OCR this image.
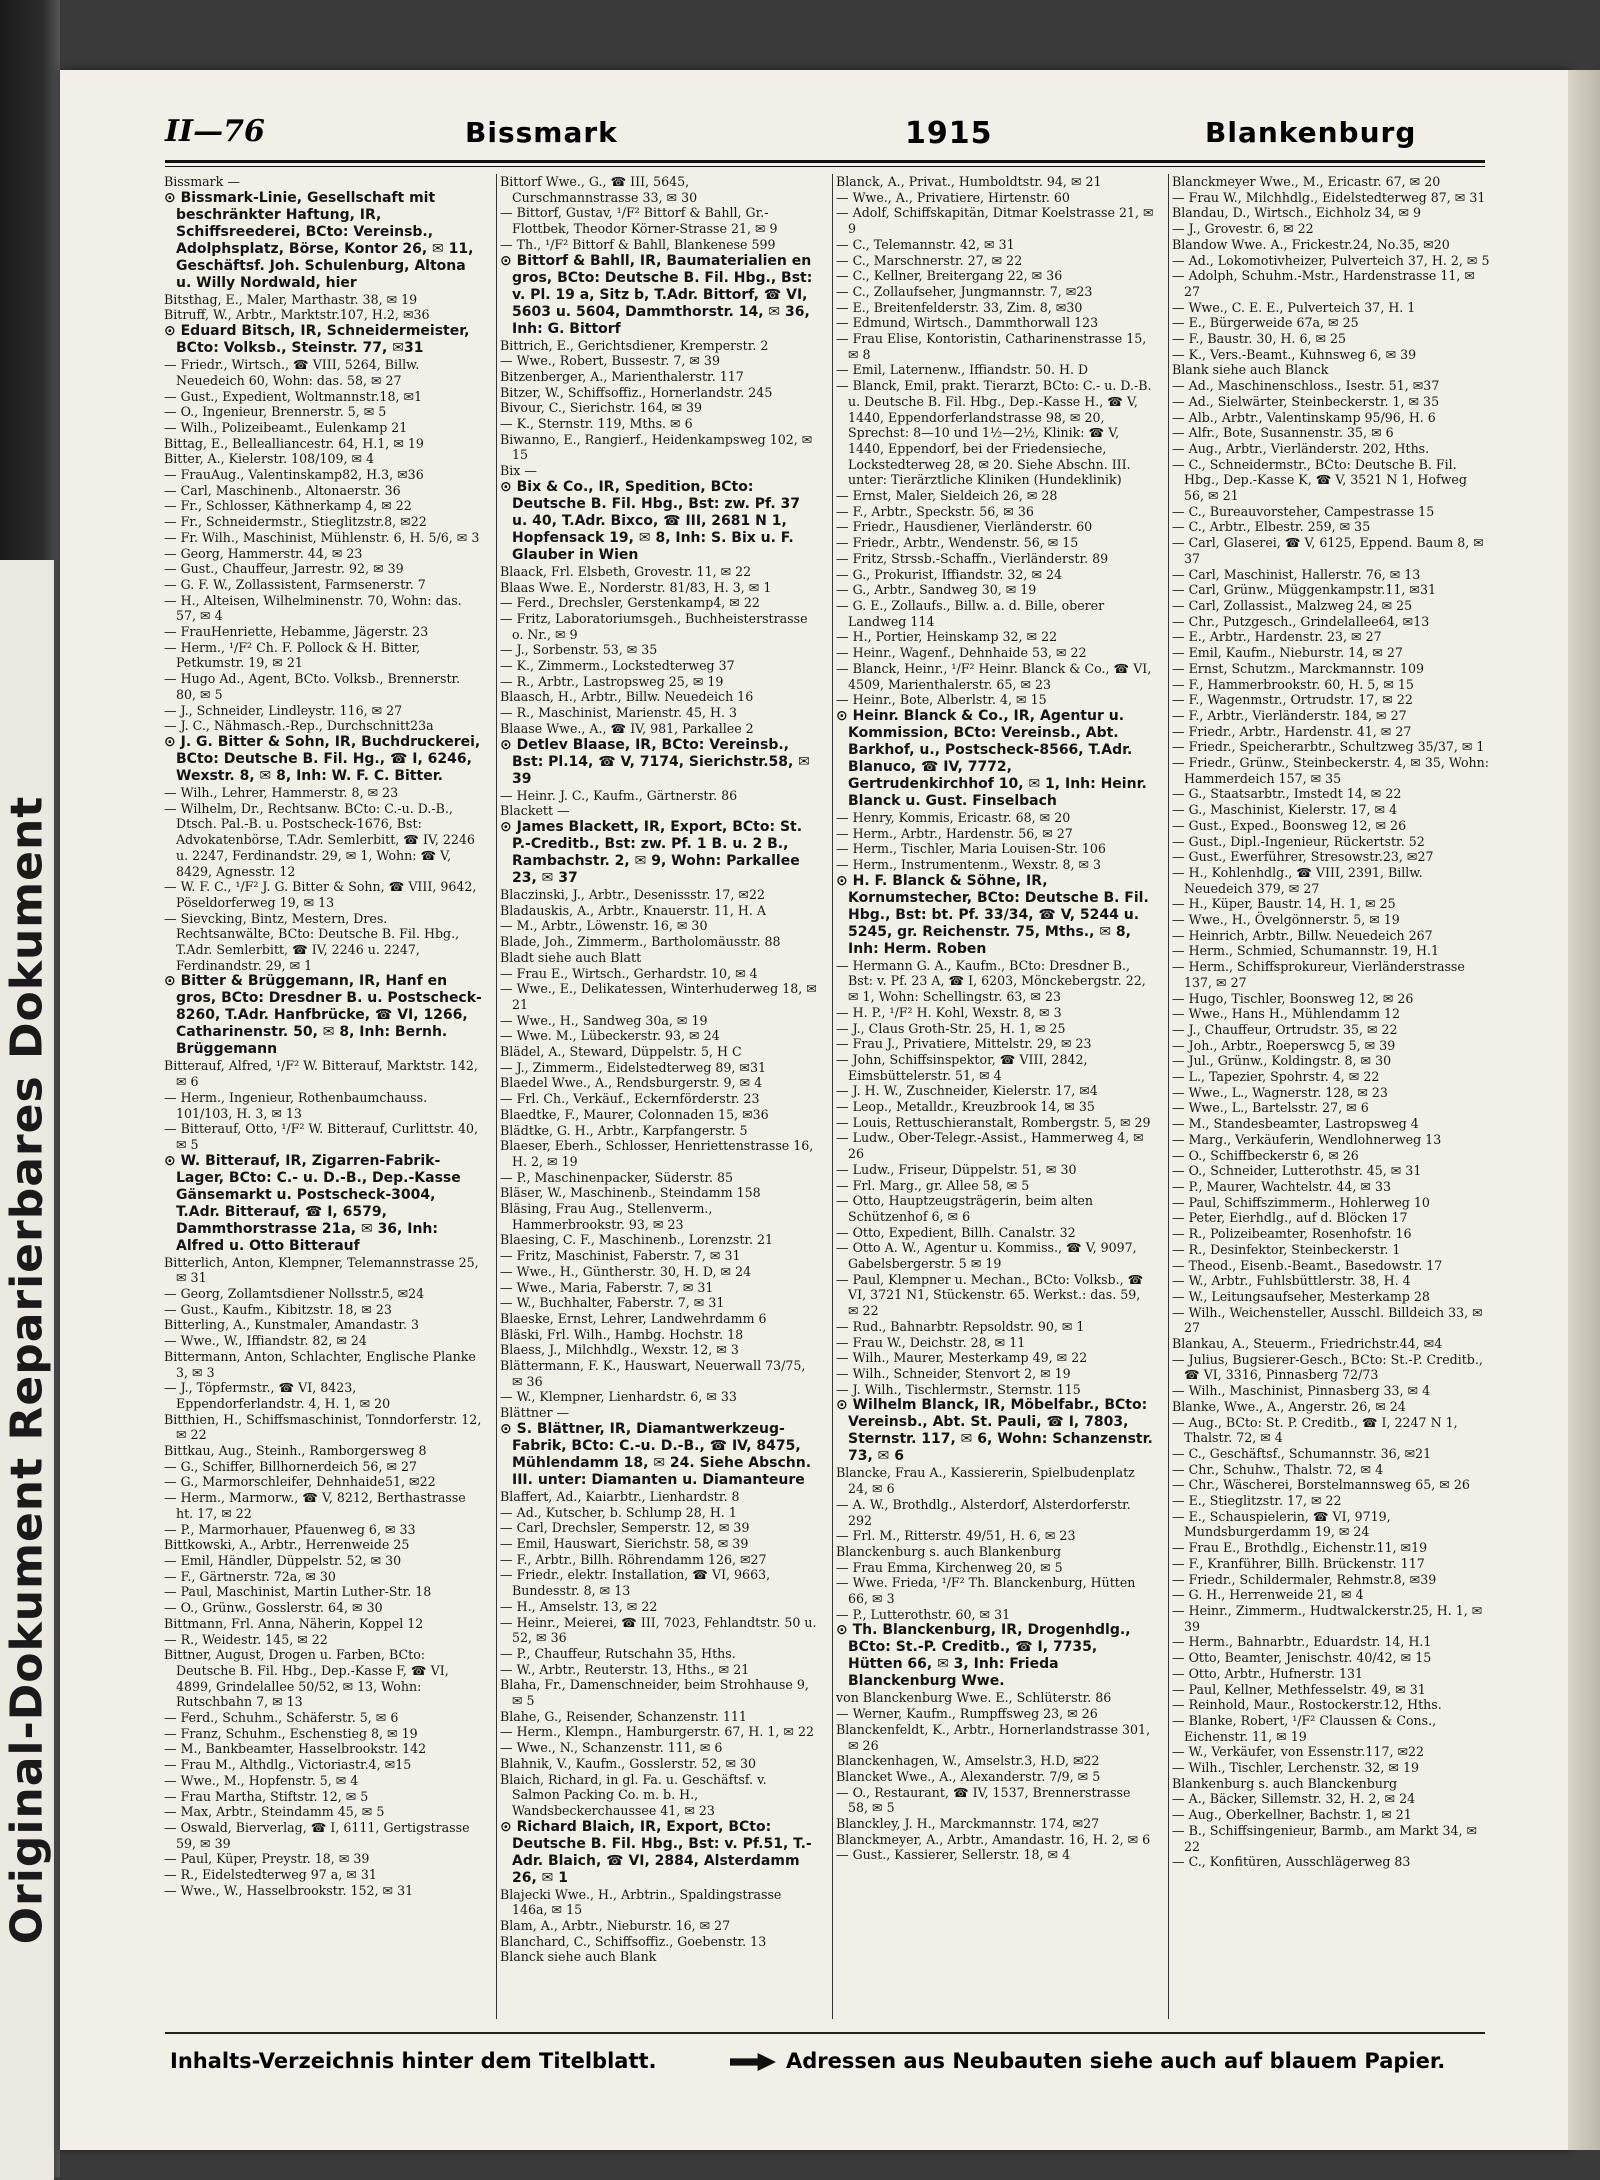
Original-Dokument Reparierbares Dokument
II—76	Bissmark	1915	Blankenburg

Bissmark —

⊙ Bissmark-Linie, Gesellschaft mit beschränkter Haftung, IR, Schiffsreederei, BCto: Vereinsb., Adolphsplatz, Börse, Kontor 26, ✉ 11, Geschäftsf. Joh. Schulenburg, Altona u. Willy Nordwald, hier

Bitsthag, E., Maler, Marthastr. 38, ✉ 19

Bitruff, W., Arbtr., Marktstr.107, H.2, ✉36

⊙ Eduard Bitsch, IR, Schneidermeister, BCto: Volksb., Steinstr. 77, ✉31

— Friedr., Wirtsch., ☎ VIII, 5264, Billw. Neuedeich 60, Wohn: das. 58, ✉ 27

— Gust., Expedient, Woltmannstr.18, ✉1

— O., Ingenieur, Brennerstr. 5, ✉ 5

— Wilh., Polizeibeamt., Eulenkamp 21

Bittag, E., Bellealliancestr. 64, H.1, ✉ 19

Bitter, A., Kielerstr. 108/109, ✉ 4

— FrauAug., Valentinskamp82, H.3, ✉36

— Carl, Maschinenb., Altonaerstr. 36

— Fr., Schlosser, Käthnerkamp 4, ✉ 22

— Fr., Schneidermstr., Stieglitzstr.8, ✉22

— Fr. Wilh., Maschinist, Mühlenstr. 6, H. 5/6, ✉ 3

— Georg, Hammerstr. 44, ✉ 23

— Gust., Chauffeur, Jarrestr. 92, ✉ 39

— G. F. W., Zollassistent, Farmsenerstr. 7

— H., Alteisen, Wilhelminenstr. 70, Wohn: das. 57, ✉ 4

— FrauHenriette, Hebamme, Jägerstr. 23

— Herm., ¹/F² Ch. F. Pollock & H. Bitter, Petkumstr. 19, ✉ 21

— Hugo Ad., Agent, BCto. Volksb., Brennerstr. 80, ✉ 5

— J., Schneider, Lindleystr. 116, ✉ 27

— J. C., Nähmasch.-Rep., Durchschnitt23a

⊙ J. G. Bitter & Sohn, IR, Buchdruckerei, BCto: Deutsche B. Fil. Hg., ☎ I, 6246, Wexstr. 8, ✉ 8, Inh: W. F. C. Bitter.

— Wilh., Lehrer, Hammerstr. 8, ✉ 23

— Wilhelm, Dr., Rechtsanw. BCto: C.-u. D.-B., Dtsch. Pal.-B. u. Postscheck-1676, Bst: Advokatenbörse, T.Adr. Semlerbitt, ☎ IV, 2246 u. 2247, Ferdinandstr. 29, ✉ 1, Wohn: ☎ V, 8429, Agnesstr. 12

— W. F. C., ¹/F² J. G. Bitter & Sohn, ☎ VIII, 9642, Pöseldorferweg 19, ✉ 13

— Sievcking, Bintz, Mestern, Dres. Rechtsanwälte, BCto: Deutsche B. Fil. Hbg., T.Adr. Semlerbitt, ☎ IV, 2246 u. 2247, Ferdinandstr. 29, ✉ 1

⊙ Bitter & Brüggemann, IR, Hanf en gros, BCto: Dresdner B. u. Postscheck-8260, T.Adr. Hanfbrücke, ☎ VI, 1266, Catharinenstr. 50, ✉ 8, Inh: Bernh. Brüggemann

Bitterauf, Alfred, ¹/F² W. Bitterauf, Marktstr. 142, ✉ 6

— Herm., Ingenieur, Rothenbaumchauss. 101/103, H. 3, ✉ 13

— Bitterauf, Otto, ¹/F² W. Bitterauf, Curlittstr. 40, ✉ 5

⊙ W. Bitterauf, IR, Zigarren-Fabrik-Lager, BCto: C.- u. D.-B., Dep.-Kasse Gänsemarkt u. Postscheck-3004, T.Adr. Bitterauf, ☎ I, 6579, Dammthorstrasse 21a, ✉ 36, Inh: Alfred u. Otto Bitterauf

Bitterlich, Anton, Klempner, Telemannstrasse 25, ✉ 31

— Georg, Zollamtsdiener Nollsstr.5, ✉24

— Gust., Kaufm., Kibitzstr. 18, ✉ 23

Bitterling, A., Kunstmaler, Amandastr. 3

— Wwe., W., Iffiandstr. 82, ✉ 24

Bittermann, Anton, Schlachter, Englische Planke 3, ✉ 3

— J., Töpfermstr., ☎ VI, 8423, Eppendorferlandstr. 4, H. 1, ✉ 20

Bitthien, H., Schiffsmaschinist, Tonndorferstr. 12, ✉ 22

Bittkau, Aug., Steinh., Ramborgersweg 8

— G., Schiffer, Billhornerdeich 56, ✉ 27

— G., Marmorschleifer, Dehnhaide51, ✉22

— Herm., Marmorw., ☎ V, 8212, Berthastrasse ht. 17, ✉ 22

— P., Marmorhauer, Pfauenweg 6, ✉ 33

Bittkowski, A., Arbtr., Herrenweide 25

— Emil, Händler, Düppelstr. 52, ✉ 30

— F., Gärtnerstr. 72a, ✉ 30

— Paul, Maschinist, Martin Luther-Str. 18

— O., Grünw., Gosslerstr. 64, ✉ 30

Bittmann, Frl. Anna, Näherin, Koppel 12

— R., Weidestr. 145, ✉ 22

Bittner, August, Drogen u. Farben, BCto: Deutsche B. Fil. Hbg., Dep.-Kasse F, ☎ VI, 4899, Grindelallee 50/52, ✉ 13, Wohn: Rutschbahn 7, ✉ 13

— Ferd., Schuhm., Schäferstr. 5, ✉ 6

— Franz, Schuhm., Eschenstieg 8, ✉ 19

— M., Bankbeamter, Hasselbrookstr. 142

— Frau M., Althdlg., Victoriastr.4, ✉15

— Wwe., M., Hopfenstr. 5, ✉ 4

— Frau Martha, Stiftstr. 12, ✉ 5

— Max, Arbtr., Steindamm 45, ✉ 5

— Oswald, Bierverlag, ☎ I, 6111, Gertigstrasse 59, ✉ 39

— Paul, Küper, Preystr. 18, ✉ 39

— R., Eidelstedterweg 97 a, ✉ 31

— Wwe., W., Hasselbrookstr. 152, ✉ 31

Bittorf Wwe., G., ☎ III, 5645, Curschmannstrasse 33, ✉ 30

— Bittorf, Gustav, ¹/F² Bittorf & Bahll, Gr.-Flottbek, Theodor Körner-Strasse 21, ✉ 9

— Th., ¹/F² Bittorf & Bahll, Blankenese 599

⊙ Bittorf & Bahll, IR, Baumaterialien en gros, BCto: Deutsche B. Fil. Hbg., Bst: v. Pl. 19 a, Sitz b, T.Adr. Bittorf, ☎ VI, 5603 u. 5604, Dammthorstr. 14, ✉ 36, Inh: G. Bittorf

Bittrich, E., Gerichtsdiener, Kremperstr. 2

— Wwe., Robert, Bussestr. 7, ✉ 39

Bitzenberger, A., Marienthalerstr. 117

Bitzer, W., Schiffsoffiz., Hornerlandstr. 245

Bivour, C., Sierichstr. 164, ✉ 39

— K., Sternstr. 119, Mths. ✉ 6

Biwanno, E., Rangierf., Heidenkampsweg 102, ✉ 15

Bix —

⊙ Bix & Co., IR, Spedition, BCto: Deutsche B. Fil. Hbg., Bst: zw. Pf. 37 u. 40, T.Adr. Bixco, ☎ III, 2681 N 1, Hopfensack 19, ✉ 8, Inh: S. Bix u. F. Glauber in Wien

Blaack, Frl. Elsbeth, Grovestr. 11, ✉ 22

Blaas Wwe. E., Norderstr. 81/83, H. 3, ✉ 1

— Ferd., Drechsler, Gerstenkamp4, ✉ 22

— Fritz, Laboratoriumsgeh., Buchheisterstrasse o. Nr., ✉ 9

— J., Sorbenstr. 53, ✉ 35

— K., Zimmerm., Lockstedterweg 37

— R., Arbtr., Lastropsweg 25, ✉ 19

Blaasch, H., Arbtr., Billw. Neuedeich 16

— R., Maschinist, Marienstr. 45, H. 3

Blaase Wwe., A., ☎ IV, 981, Parkallee 2

⊙ Detlev Blaase, IR, BCto: Vereinsb., Bst: Pl.14, ☎ V, 7174, Sierichstr.58, ✉39

— Heinr. J. C., Kaufm., Gärtnerstr. 86

Blackett —

⊙ James Blackett, IR, Export, BCto: St. P.-Creditb., Bst: zw. Pf. 1 B. u. 2 B., Rambachstr. 2, ✉ 9, Wohn: Parkallee 23, ✉ 37

Blaczinski, J., Arbtr., Desenissstr. 17, ✉22

Bladauskis, A., Arbtr., Knauerstr. 11, H. A

— M., Arbtr., Löwenstr. 16, ✉ 30

Blade, Joh., Zimmerm., Bartholomäusstr. 88

Bladt siehe auch Blatt

— Frau E., Wirtsch., Gerhardstr. 10, ✉ 4

— Wwe., E., Delikatessen, Winterhuderweg 18, ✉ 21

— Wwe., H., Sandweg 30a, ✉ 19

— Wwe. M., Lübeckerstr. 93, ✉ 24

Blädel, A., Steward, Düppelstr. 5, H C

— J., Zimmerm., Eidelstedterweg 89, ✉31

Blaedel Wwe., A., Rendsburgerstr. 9, ✉ 4

— Frl. Ch., Verkäuf., Eckernförderstr. 23

Blaedtke, F., Maurer, Colonnaden 15, ✉36

Blädtke, G. H., Arbtr., Karpfangerstr. 5

Blaeser, Eberh., Schlosser, Henriettenstrasse 16, H. 2, ✉ 19

— P., Maschinenpacker, Süderstr. 85

Bläser, W., Maschinenb., Steindamm 158

Bläsing, Frau Aug., Stellenverm., Hammerbrookstr. 93, ✉ 23

Blaesing, C. F., Maschinenb., Lorenzstr. 21

— Fritz, Maschinist, Faberstr. 7, ✉ 31

— Wwe., H., Güntherstr. 30, H. D, ✉ 24

— Wwe., Maria, Faberstr. 7, ✉ 31

— W., Buchhalter, Faberstr. 7, ✉ 31

Blaeske, Ernst, Lehrer, Landwehrdamm 6

Bläski, Frl. Wilh., Hambg. Hochstr. 18

Blaess, J., Milchhdlg., Wexstr. 12, ✉ 3

Blättermann, F. K., Hauswart, Neuerwall 73/75, ✉ 36

— W., Klempner, Lienhardstr. 6, ✉ 33

Blättner —

⊙ S. Blättner, IR, Diamantwerkzeug-Fabrik, BCto: C.-u. D.-B., ☎ IV, 8475, Mühlendamm 18, ✉ 24. Siehe Abschn. III. unter: Diamanten u. Diamanteure

Blaffert, Ad., Kaiarbtr., Lienhardstr. 8

— Ad., Kutscher, b. Schlump 28, H. 1

— Carl, Drechsler, Semperstr. 12, ✉ 39

— Emil, Hauswart, Sierichstr. 58, ✉ 39

— F., Arbtr., Billh. Röhrendamm 126, ✉27

— Friedr., elektr. Installation, ☎ VI, 9663, Bundesstr. 8, ✉ 13

— H., Amselstr. 13, ✉ 22

— Heinr., Meierei, ☎ III, 7023, Fehlandtstr. 50 u. 52, ✉ 36

— P., Chauffeur, Rutschahn 35, Hths.

— W., Arbtr., Reuterstr. 13, Hths., ✉ 21

Blaha, Fr., Damenschneider, beim Strohhause 9, ✉ 5

Blahe, G., Reisender, Schanzenstr. 111

— Herm., Klempn., Hamburgerstr. 67, H. 1, ✉ 22

— Wwe., N., Schanzenstr. 111, ✉ 6

Blahnik, V., Kaufm., Gosslerstr. 52, ✉ 30

Blaich, Richard, in gl. Fa. u. Geschäftsf. v. Salmon Packing Co. m. b. H., Wandsbeckerchaussee 41, ✉ 23

⊙ Richard Blaich, IR, Export, BCto: Deutsche B. Fil. Hbg., Bst: v. Pf.51, T.-Adr. Blaich, ☎ VI, 2884, Alsterdamm 26, ✉ 1

Blajecki Wwe., H., Arbtrin., Spaldingstrasse 146a, ✉ 15

Blam, A., Arbtr., Nieburstr. 16, ✉ 27

Blanchard, C., Schiffsoffiz., Goebenstr. 13

Blanck siehe auch Blank

Blanck, A., Privat., Humboldtstr. 94, ✉ 21

— Wwe., A., Privatiere, Hirtenstr. 60

— Adolf, Schiffskapitän, Ditmar Koelstrasse 21, ✉ 9

— C., Telemannstr. 42, ✉ 31

— C., Marschnerstr. 27, ✉ 22

— C., Kellner, Breitergang 22, ✉ 36

— C., Zollaufseher, Jungmannstr. 7, ✉23

— E., Breitenfelderstr. 33, Zim. 8, ✉30

— Edmund, Wirtsch., Dammthorwall 123

— Frau Elise, Kontoristin, Catharinenstrasse 15, ✉ 8

— Emil, Laternenw., Iffiandstr. 50. H. D

— Blanck, Emil, prakt. Tierarzt, BCto: C.- u. D.-B. u. Deutsche B. Fil. Hbg., Dep.-Kasse H., ☎ V, 1440, Eppendorferlandstrasse 98, ✉ 20, Sprechst: 8—10 und 1½—2½, Klinik: ☎ V, 1440, Eppendorf, bei der Friedensieche, Lockstedterweg 28, ✉ 20. Siehe Abschn. III. unter: Tierärztliche Kliniken (Hundeklinik)

— Ernst, Maler, Sieldeich 26, ✉ 28

— F., Arbtr., Speckstr. 56, ✉ 36

— Friedr., Hausdiener, Vierländerstr. 60

— Friedr., Arbtr., Wendenstr. 56, ✉ 15

— Fritz, Strssb.-Schaffn., Vierländerstr. 89

— G., Prokurist, Iffiandstr. 32, ✉ 24

— G., Arbtr., Sandweg 30, ✉ 19

— G. E., Zollaufs., Billw. a. d. Bille, oberer Landweg 114

— H., Portier, Heinskamp 32, ✉ 22

— Heinr., Wagenf., Dehnhaide 53, ✉ 22

— Blanck, Heinr., ¹/F² Heinr. Blanck & Co., ☎ VI, 4509, Marienthalerstr. 65, ✉ 23

— Heinr., Bote, Alberlstr. 4, ✉ 15

⊙ Heinr. Blanck & Co., IR, Agentur u. Kommission, BCto: Vereinsb., Abt. Barkhof, u., Postscheck-8566, T.Adr. Blanuco, ☎ IV, 7772, Gertrudenkirchhof 10, ✉ 1, Inh: Heinr. Blanck u. Gust. Finselbach

— Henry, Kommis, Ericastr. 68, ✉ 20

— Herm., Arbtr., Hardenstr. 56, ✉ 27

— Herm., Tischler, Maria Louisen-Str. 106

— Herm., Instrumentenm., Wexstr. 8, ✉ 3

⊙ H. F. Blanck & Söhne, IR, Kornumstecher, BCto: Deutsche B. Fil. Hbg., Bst: bt. Pf. 33/34, ☎ V, 5244 u. 5245, gr. Reichenstr. 75, Mths., ✉ 8, Inh: Herm. Roben

— Hermann G. A., Kaufm., BCto: Dresdner B., Bst: v. Pf. 23 A, ☎ I, 6203, Mönckebergstr. 22, ✉ 1, Wohn: Schellingstr. 63, ✉ 23

— H. P., ¹/F² H. Kohl, Wexstr. 8, ✉ 3

— J., Claus Groth-Str. 25, H. 1, ✉ 25

— Frau J., Privatiere, Mittelstr. 29, ✉ 23

— John, Schiffsinspektor, ☎ VIII, 2842, Eimsbüttelerstr. 51, ✉ 4

— J. H. W., Zuschneider, Kielerstr. 17, ✉4

— Leop., Metalldr., Kreuzbrook 14, ✉ 35

— Louis, Rettuschieranstalt, Rombergstr. 5, ✉ 29

— Ludw., Ober-Telegr.-Assist., Hammerweg 4, ✉ 26

— Ludw., Friseur, Düppelstr. 51, ✉ 30

— Frl. Marg., gr. Allee 58, ✉ 5

— Otto, Hauptzeugsträgerin, beim alten Schützenhof 6, ✉ 6

— Otto, Expedient, Billh. Canalstr. 32

— Otto A. W., Agentur u. Kommiss., ☎ V, 9097, Gabelsbergerstr. 5 ✉ 19

— Paul, Klempner u. Mechan., BCto: Volksb., ☎ VI, 3721 N1, Stückenstr. 65. Werkst.: das. 59, ✉ 22

— Rud., Bahnarbtr. Repsoldstr. 90, ✉ 1

— Frau W., Deichstr. 28, ✉ 11

— Wilh., Maurer, Mesterkamp 49, ✉ 22

— Wilh., Schneider, Stenvort 2, ✉ 19

— J. Wilh., Tischlermstr., Sternstr. 115

⊙ Wilhelm Blanck, IR, Möbelfabr., BCto: Vereinsb., Abt. St. Pauli, ☎ I, 7803, Sternstr. 117, ✉ 6, Wohn: Schanzenstr. 73, ✉ 6

Blancke, Frau A., Kassiererin, Spielbudenplatz 24, ✉ 6

— A. W., Brothdlg., Alsterdorf, Alsterdorferstr. 292

— Frl. M., Ritterstr. 49/51, H. 6, ✉ 23

Blanckenburg s. auch Blankenburg

— Frau Emma, Kirchenweg 20, ✉ 5

— Wwe. Frieda, ¹/F² Th. Blanckenburg, Hütten 66, ✉ 3

— P., Lutterothstr. 60, ✉ 31

⊙ Th. Blanckenburg, IR, Drogenhdlg., BCto: St.-P. Creditb., ☎ I, 7735, Hütten 66, ✉ 3, Inh: Frieda Blanckenburg Wwe.

von Blanckenburg Wwe. E., Schlüterstr. 86

— Werner, Kaufm., Rumpffsweg 23, ✉ 26

Blanckenfeldt, K., Arbtr., Hornerlandstrasse 301, ✉ 26

Blanckenhagen, W., Amselstr.3, H.D, ✉22

Blancket Wwe., A., Alexanderstr. 7/9, ✉ 5

— O., Restaurant, ☎ IV, 1537, Brennerstrasse 58, ✉ 5

Blanckley, J. H., Marckmannstr. 174, ✉27

Blanckmeyer, A., Arbtr., Amandastr. 16, H. 2, ✉ 6

— Gust., Kassierer, Sellerstr. 18, ✉ 4

Blanckmeyer Wwe., M., Ericastr. 67, ✉ 20

— Frau W., Milchhdlg., Eidelstedterweg 87, ✉ 31

Blandau, D., Wirtsch., Eichholz 34, ✉ 9

— J., Grovestr. 6, ✉ 22

Blandow Wwe. A., Frickestr.24, No.35, ✉20

— Ad., Lokomotivheizer, Pulverteich 37, H. 2, ✉ 5

— Adolph, Schuhm.-Mstr., Hardenstrasse 11, ✉ 27

— Wwe., C. E. E., Pulverteich 37, H. 1

— E., Bürgerweide 67a, ✉ 25

— F., Baustr. 30, H. 6, ✉ 25

— K., Vers.-Beamt., Kuhnsweg 6, ✉ 39

Blank siehe auch Blanck

— Ad., Maschinenschloss., Isestr. 51, ✉37

— Ad., Sielwärter, Steinbeckerstr. 1, ✉ 35

— Alb., Arbtr., Valentinskamp 95/96, H. 6

— Alfr., Bote, Susannenstr. 35, ✉ 6

— Aug., Arbtr., Vierländerstr. 202, Hths.

— C., Schneidermstr., BCto: Deutsche B. Fil. Hbg., Dep.-Kasse K, ☎ V, 3521 N 1, Hofweg 56, ✉ 21

— C., Bureauvorsteher, Campestrasse 15

— C., Arbtr., Elbestr. 259, ✉ 35

— Carl, Glaserei, ☎ V, 6125, Eppend. Baum 8, ✉ 37

— Carl, Maschinist, Hallerstr. 76, ✉ 13

— Carl, Grünw., Müggenkampstr.11, ✉31

— Carl, Zollassist., Malzweg 24, ✉ 25

— Chr., Putzgesch., Grindelallee64, ✉13

— E., Arbtr., Hardenstr. 23, ✉ 27

— Emil, Kaufm., Nieburstr. 14, ✉ 27

— Ernst, Schutzm., Marckmannstr. 109

— F., Hammerbrookstr. 60, H. 5, ✉ 15

— F., Wagenmstr., Ortrudstr. 17, ✉ 22

— F., Arbtr., Vierländerstr. 184, ✉ 27

— Friedr., Arbtr., Hardenstr. 41, ✉ 27

— Friedr., Speicherarbtr., Schultzweg 35/37, ✉ 1

— Friedr., Grünw., Steinbeckerstr. 4, ✉ 35, Wohn: Hammerdeich 157, ✉ 35

— G., Staatsarbtr., Imstedt 14, ✉ 22

— G., Maschinist, Kielerstr. 17, ✉ 4

— Gust., Exped., Boonsweg 12, ✉ 26

— Gust., Dipl.-Ingenieur, Rückertstr. 52

— Gust., Ewerführer, Stresowstr.23, ✉27

— H., Kohlenhdlg., ☎ VIII, 2391, Billw. Neuedeich 379, ✉ 27

— H., Küper, Baustr. 14, H. 1, ✉ 25

— Wwe., H., Övelgönnerstr. 5, ✉ 19

— Heinrich, Arbtr., Billw. Neuedeich 267

— Herm., Schmied, Schumannstr. 19, H.1

— Herm., Schiffsprokureur, Vierländerstrasse 137, ✉ 27

— Hugo, Tischler, Boonsweg 12, ✉ 26

— Wwe., Hans H., Mühlendamm 12

— J., Chauffeur, Ortrudstr. 35, ✉ 22

— Joh., Arbtr., Roeperswcg 5, ✉ 39

— Jul., Grünw., Koldingstr. 8, ✉ 30

— L., Tapezier, Spohrstr. 4, ✉ 22

— Wwe., L., Wagnerstr. 128, ✉ 23

— Wwe., L., Bartelsstr. 27, ✉ 6

— M., Standesbeamter, Lastropsweg 4

— Marg., Verkäuferin, Wendlohnerweg 13

— O., Schiffbeckerstr 6, ✉ 26

— O., Schneider, Lutterothstr. 45, ✉ 31

— P., Maurer, Wachtelstr. 44, ✉ 33

— Paul, Schiffszimmerm., Hohlerweg 10

— Peter, Eierhdlg., auf d. Blöcken 17

— R., Polizeibeamter, Rosenhofstr. 16

— R., Desinfektor, Steinbeckerstr. 1

— Theod., Eisenb.-Beamt., Basedowstr. 17

— W., Arbtr., Fuhlsbüttlerstr. 38, H. 4

— W., Leitungsaufseher, Mesterkamp 28

— Wilh., Weichensteller, Ausschl. Billdeich 33, ✉ 27

Blankau, A., Steuerm., Friedrichstr.44, ✉4

— Julius, Bugsierer-Gesch., BCto: St.-P. Creditb., ☎ VI, 3316, Pinnasberg 72/73

— Wilh., Maschinist, Pinnasberg 33, ✉ 4

Blanke, Wwe., A., Angerstr. 26, ✉ 24

— Aug., BCto: St. P. Creditb., ☎ I, 2247 N 1, Thalstr. 72, ✉ 4

— C., Geschäftsf., Schumannstr. 36, ✉21

— Chr., Schuhw., Thalstr. 72, ✉ 4

— Chr., Wäscherei, Borstelmannsweg 65, ✉ 26

— E., Stieglitzstr. 17, ✉ 22

— E., Schauspielerin, ☎ VI, 9719, Mundsburgerdamm 19, ✉ 24

— Frau E., Brothdlg., Eichenstr.11, ✉19

— F., Kranführer, Billh. Brückenstr. 117

— Friedr., Schildermaler, Rehmstr.8, ✉39

— G. H., Herrenweide 21, ✉ 4

— Heinr., Zimmerm., Hudtwalckerstr.25, H. 1, ✉ 39

— Herm., Bahnarbtr., Eduardstr. 14, H.1

— Otto, Beamter, Jenischstr. 40/42, ✉ 15

— Otto, Arbtr., Hufnerstr. 131

— Paul, Kellner, Methfesselstr. 49, ✉ 31

— Reinhold, Maur., Rostockerstr.12, Hths.

— Blanke, Robert, ¹/F² Claussen & Cons., Eichenstr. 11, ✉ 19

— W., Verkäufer, von Essenstr.117, ✉22

— Wilh., Tischler, Lerchenstr. 32, ✉ 19

Blankenburg s. auch Blanckenburg

— A., Bäcker, Sillemstr. 32, H. 2, ✉ 24

— Aug., Oberkellner, Bachstr. 1, ✉ 21

— B., Schiffsingenieur, Barmb., am Markt 34, ✉ 22

— C., Konfitüren, Ausschlägerweg 83

Inhalts-Verzeichnis hinter dem Titelblatt.	Adressen aus Neubauten siehe auch auf blauem Papier.
